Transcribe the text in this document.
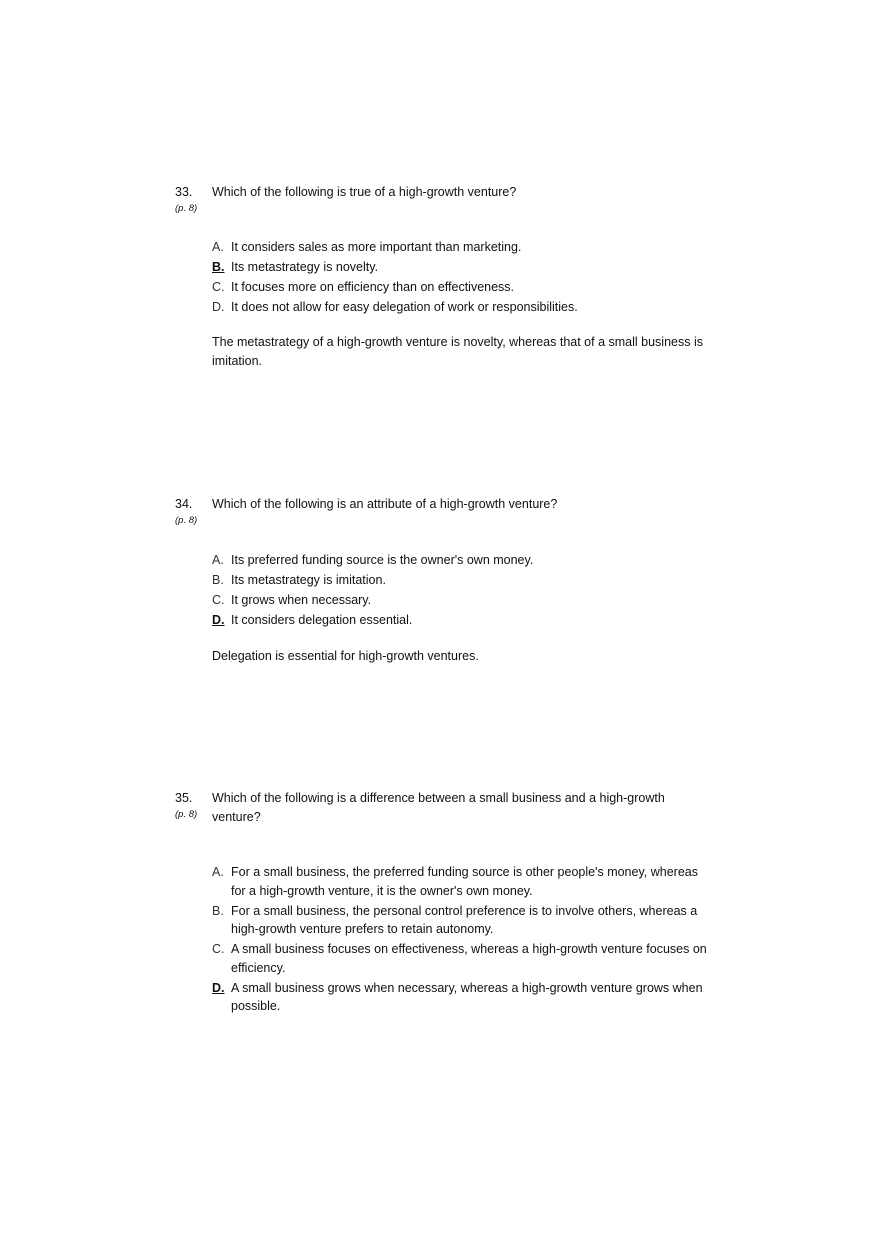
33.
(p. 8)
Which of the following is true of a high-growth venture?
A. It considers sales as more important than marketing.
B. Its metastrategy is novelty.
C. It focuses more on efficiency than on effectiveness.
D. It does not allow for easy delegation of work or responsibilities.
The metastrategy of a high-growth venture is novelty, whereas that of a small business is imitation.
34.
(p. 8)
Which of the following is an attribute of a high-growth venture?
A. Its preferred funding source is the owner's own money.
B. Its metastrategy is imitation.
C. It grows when necessary.
D. It considers delegation essential.
Delegation is essential for high-growth ventures.
35.
(p. 8)
Which of the following is a difference between a small business and a high-growth venture?
A. For a small business, the preferred funding source is other people's money, whereas for a high-growth venture, it is the owner's own money.
B. For a small business, the personal control preference is to involve others, whereas a high-growth venture prefers to retain autonomy.
C. A small business focuses on effectiveness, whereas a high-growth venture focuses on efficiency.
D. A small business grows when necessary, whereas a high-growth venture grows when possible.
